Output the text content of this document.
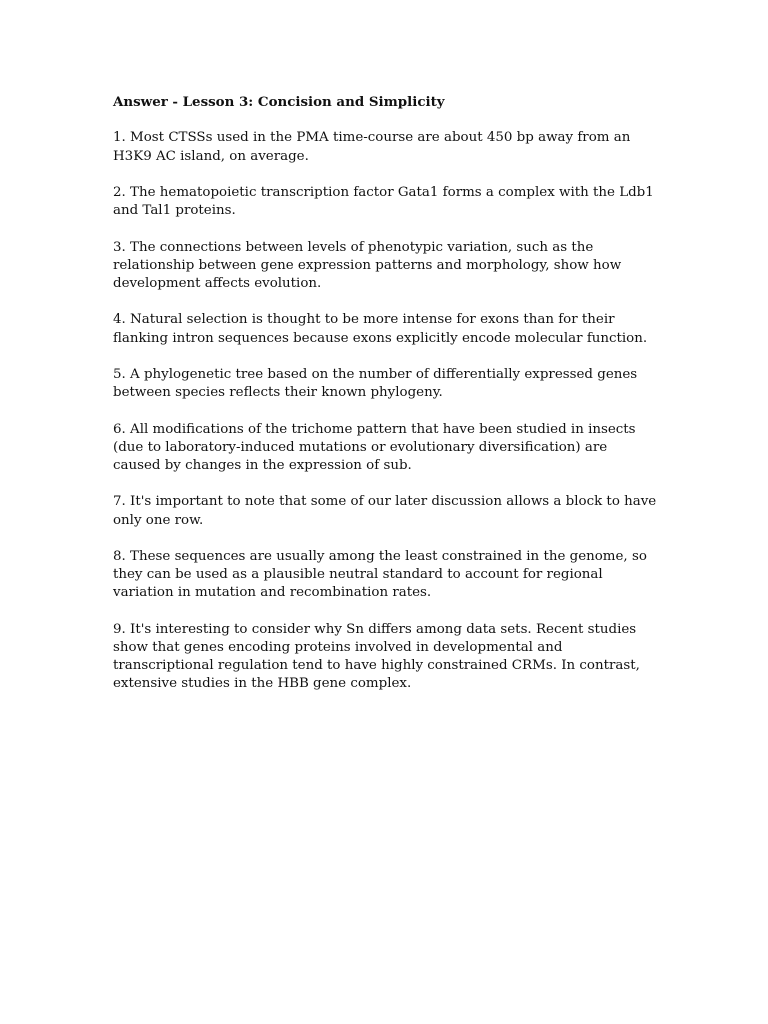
Answer - Lesson 3: Concision and Simplicity

1. Most CTSSs used in the PMA time-course are about 450 bp away from an H3K9 AC island, on average.

2. The hematopoietic transcription factor Gata1 forms a complex with the Ldb1 and Tal1 proteins.

3. The connections between levels of phenotypic variation, such as the relationship between gene expression patterns and morphology, show how development affects evolution.

4. Natural selection is thought to be more intense for exons than for their flanking intron sequences because exons explicitly encode molecular function.

5. A phylogenetic tree based on the number of differentially expressed genes between species reflects their known phylogeny.

6. All modifications of the trichome pattern that have been studied in insects (due to laboratory-induced mutations or evolutionary diversification) are caused by changes in the expression of sub.

7. It's important to note that some of our later discussion allows a block to have only one row.

8. These sequences are usually among the least constrained in the genome, so they can be used as a plausible neutral standard to account for regional variation in mutation and recombination rates.

9. It's interesting to consider why Sn differs among data sets. Recent studies show that genes encoding proteins involved in developmental and transcriptional regulation tend to have highly constrained CRMs. In contrast, extensive studies in the HBB gene complex.
